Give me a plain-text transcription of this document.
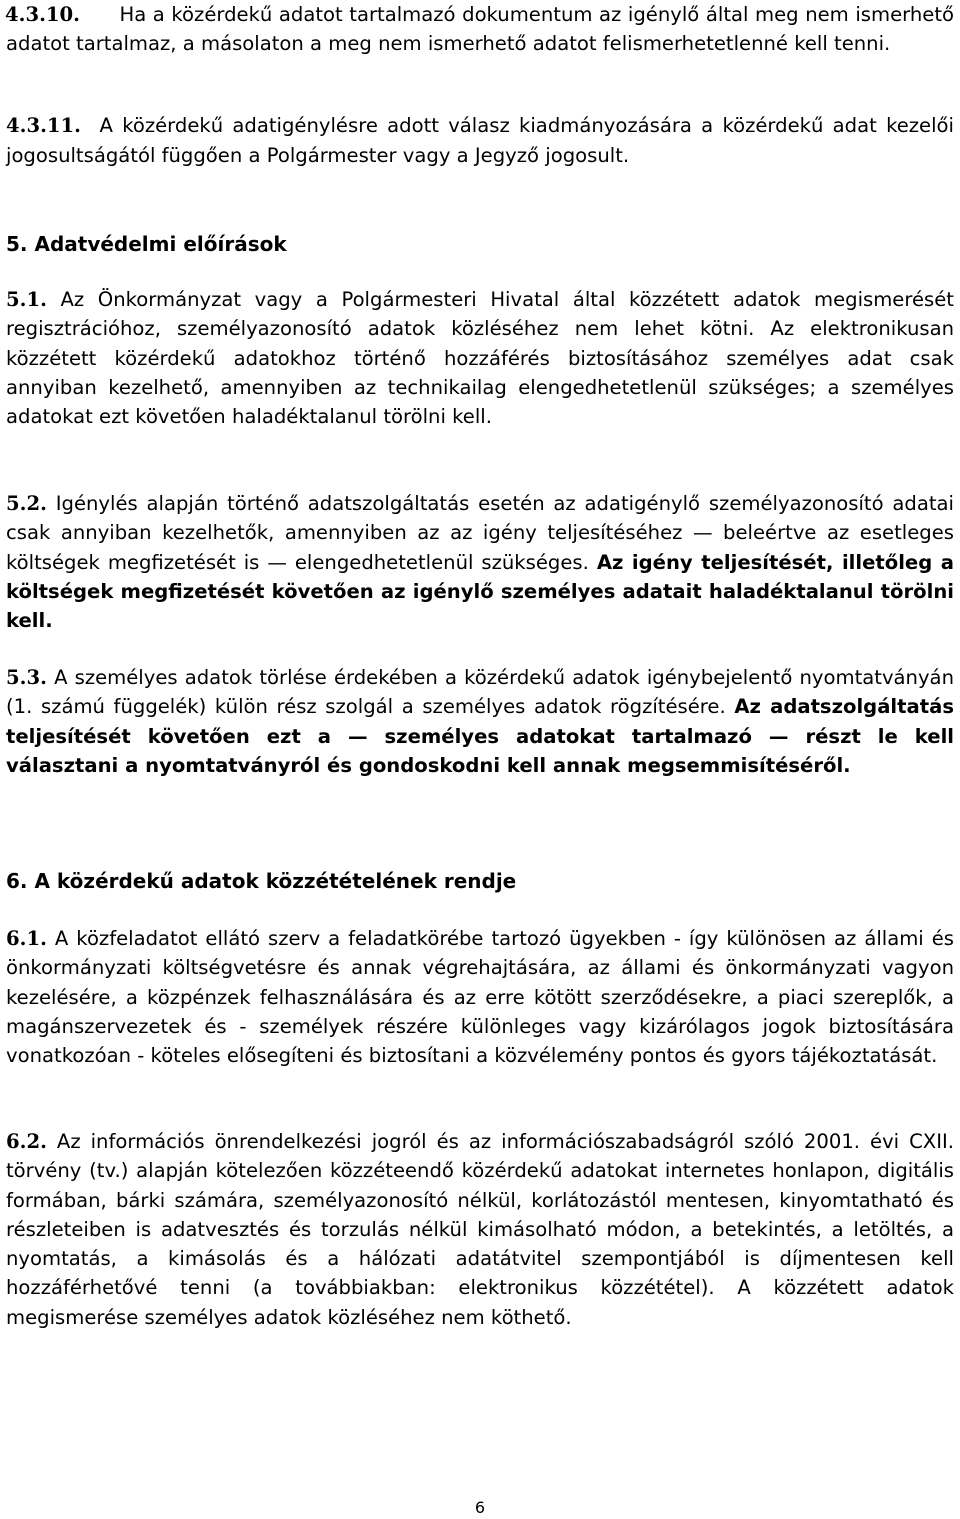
4.3.10. Ha a közérdekű adatot tartalmazó dokumentum az igénylő által meg nem ismerhető adatot tartalmaz, a másolaton a meg nem ismerhető adatot felismerhetetlenné kell tenni.
4.3.11. A közérdekű adatigénylésre adott válasz kiadmányozására a közérdekű adat kezelői jogosultságától függően a Polgármester vagy a Jegyző jogosult.
5. Adatvédelmi előírások
5.1. Az Önkormányzat vagy a Polgármesteri Hivatal által közzétett adatok megismerését regisztrációhoz, személyazonosító adatok közléséhez nem lehet kötni. Az elektronikusan közzétett közérdekű adatokhoz történő hozzáférés biztosításához személyes adat csak annyiban kezelhető, amennyiben az technikailag elengedhetetlenül szükséges; a személyes adatokat ezt követően haladéktalanul törölni kell.
5.2. Igénylés alapján történő adatszolgáltatás esetén az adatigénylő személyazonosító adatai csak annyiban kezelhetők, amennyiben az az igény teljesítéséhez — beleértve az esetleges költségek megfizetését is — elengedhetetlenül szükséges. Az igény teljesítését, illetőleg a költségek megfizetését követően az igénylő személyes adatait haladéktalanul törölni kell.
5.3. A személyes adatok törlése érdekében a közérdekű adatok igénybejelentő nyomtatványán (1. számú függelék) külön rész szolgál a személyes adatok rögzítésére. Az adatszolgáltatás teljesítését követően ezt a — személyes adatokat tartalmazó — részt le kell választani a nyomtatványról és gondoskodni kell annak megsemmisítéséről.
6. A közérdekű adatok közzétételének rendje
6.1. A közfeladatot ellátó szerv a feladatkörébe tartozó ügyekben - így különösen az állami és önkormányzati költségvetésre és annak végrehajtására, az állami és önkormányzati vagyon kezelésére, a közpénzek felhasználására és az erre kötött szerződésekre, a piaci szereplők, a magánszervezetek és - személyek részére különleges vagy kizárólagos jogok biztosítására vonatkozóan - köteles elősegíteni és biztosítani a közvélemény pontos és gyors tájékoztatását.
6.2. Az információs önrendelkezési jogról és az információszabadságról szóló 2001. évi CXII. törvény (tv.) alapján kötelezően közzéteendő közérdekű adatokat internetes honlapon, digitális formában, bárki számára, személyazonosító nélkül, korlátozástól mentesen, kinyomtatható és részleteiben is adatvesztés és torzulás nélkül kimásolható módon, a betekintés, a letöltés, a nyomtatás, a kimásolás és a hálózati adatátvitel szempontjából is díjmentesen kell hozzáférhetővé tenni (a továbbiakban: elektronikus közzététel). A közzétett adatok megismerése személyes adatok közléséhez nem köthető.
6
